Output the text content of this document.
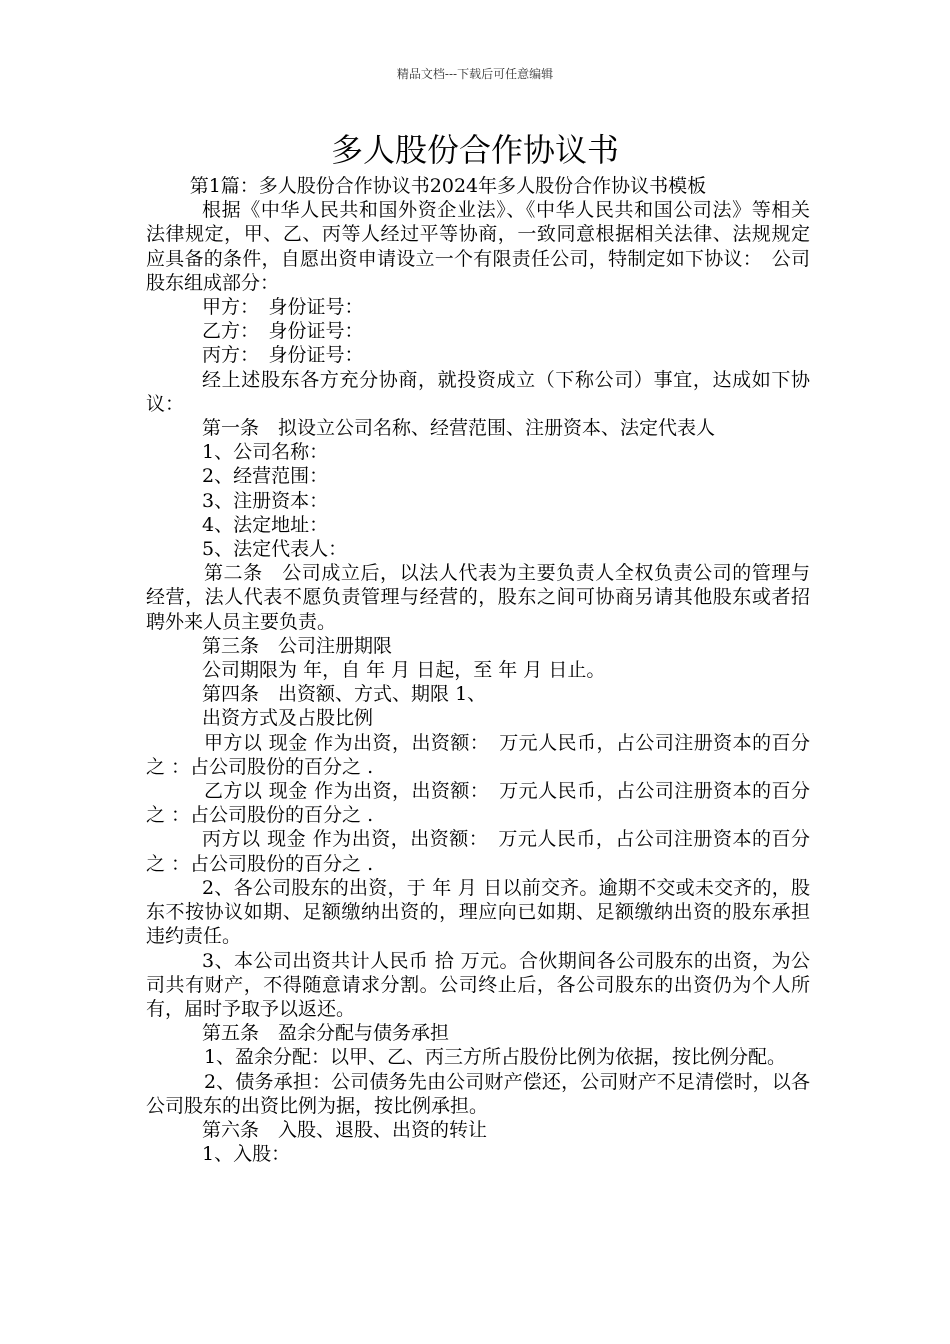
精品文档---下载后可任意编辑
多人股份合作协议书

第1篇：多人股份合作协议书2024年多人股份合作协议书模板

根据《中华人民共和国外资企业法》、《中华人民共和国公司法》等相关法律规定，甲、乙、丙等人经过平等协商，一致同意根据相关法律、法规规定应具备的条件，自愿出资申请设立一个有限责任公司，特制定如下协议：　公司股东组成部分：

甲方：　身份证号：

乙方：　身份证号：

丙方：　身份证号：

经上述股东各方充分协商，就投资成立（下称公司）事宜，达成如下协议：

第一条　拟设立公司名称、经营范围、注册资本、法定代表人

1、公司名称：

2、经营范围：

3、注册资本：

4、法定地址：

5、法定代表人：

第二条　公司成立后，以法人代表为主要负责人全权负责公司的管理与经营，法人代表不愿负责管理与经营的，股东之间可协商另请其他股东或者招聘外来人员主要负责。

第三条　公司注册期限

公司期限为 年，自 年 月 日起，至 年 月 日止。

第四条　出资额、方式、期限 1、

出资方式及占股比例

甲方以 现金 作为出资，出资额：　万元人民币，占公司注册资本的百分之 ：占公司股份的百分之 .

乙方以 现金 作为出资，出资额：　万元人民币，占公司注册资本的百分之 ：占公司股份的百分之 .

丙方以 现金 作为出资，出资额：　万元人民币，占公司注册资本的百分之 ：占公司股份的百分之 .

2、各公司股东的出资，于 年 月 日以前交齐。逾期不交或未交齐的，股东不按协议如期、足额缴纳出资的，理应向已如期、足额缴纳出资的股东承担违约责任。

3、本公司出资共计人民币 拾 万元。合伙期间各公司股东的出资，为公司共有财产，不得随意请求分割。公司终止后，各公司股东的出资仍为个人所有，届时予取予以返还。

第五条　盈余分配与债务承担

1、盈余分配：以甲、乙、丙三方所占股份比例为依据，按比例分配。

2、债务承担：公司债务先由公司财产偿还，公司财产不足清偿时，以各公司股东的出资比例为据，按比例承担。

第六条　入股、退股、出资的转让

1、入股：
